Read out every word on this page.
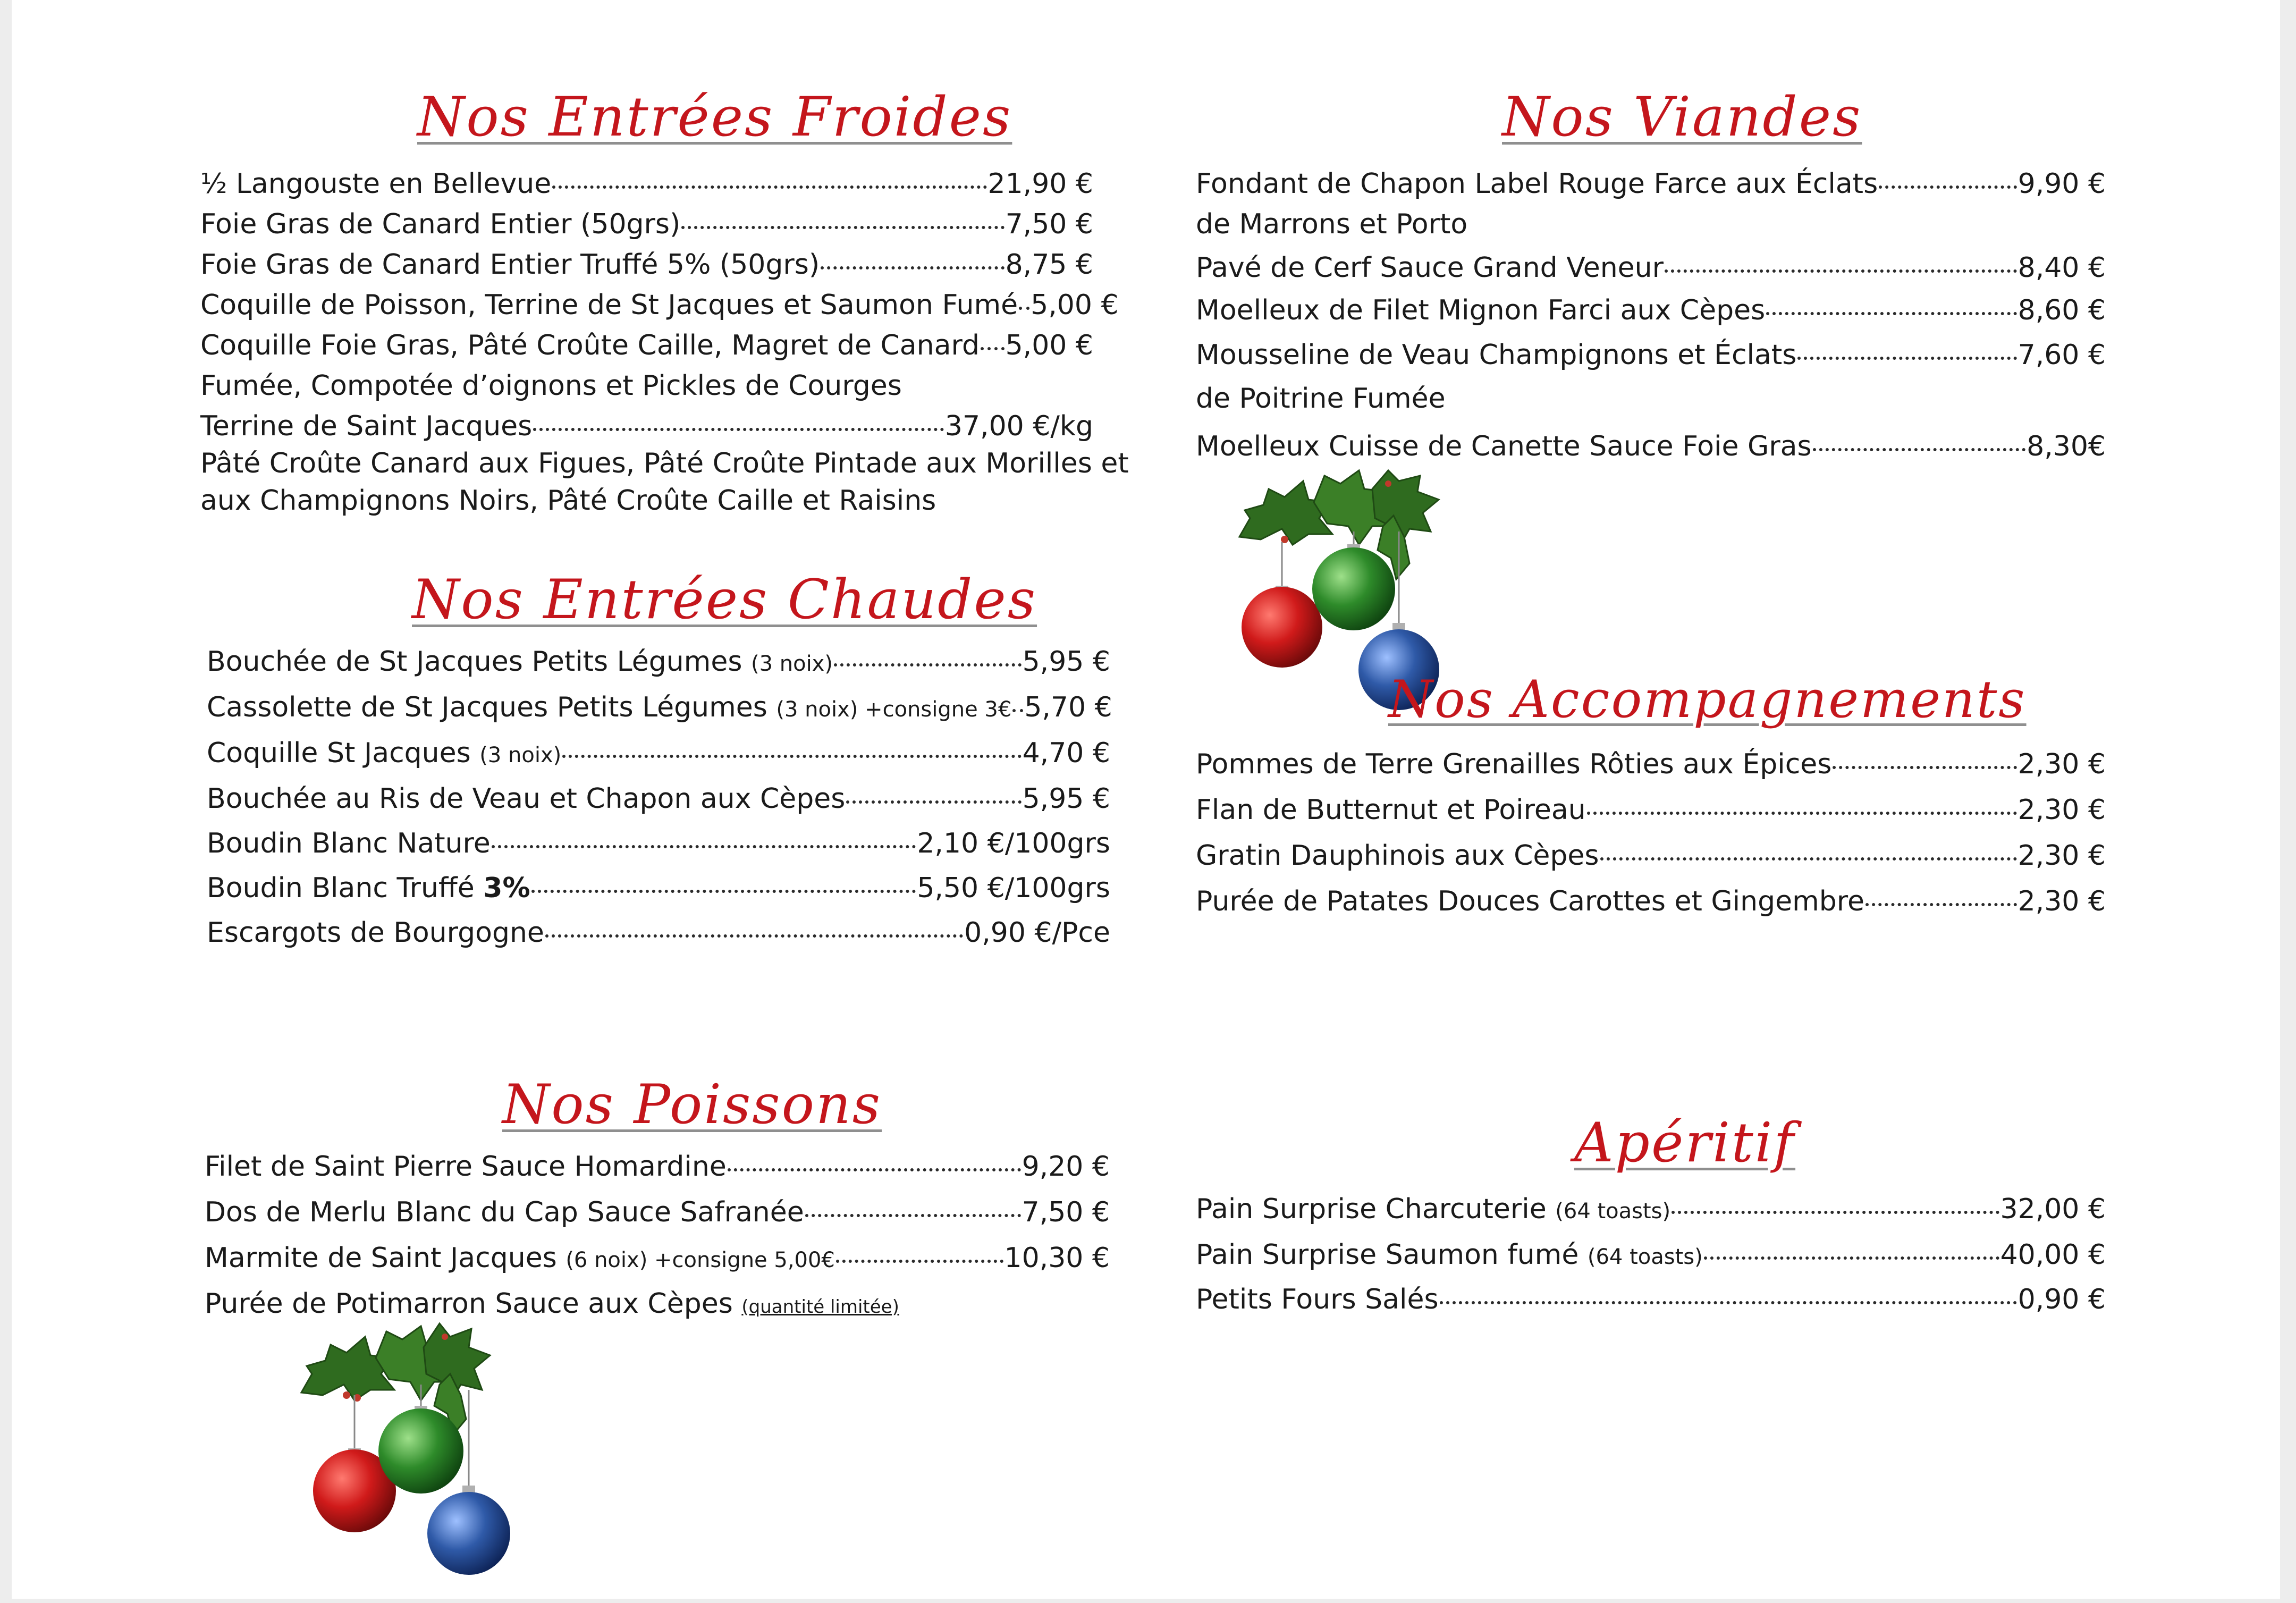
Nos Entrées Froides
½ Langouste en Bellevue	21,90 €
Foie Gras de Canard Entier (50grs)	7,50 €
Foie Gras de Canard Entier Truffé 5% (50grs)	8,75 €
Coquille de Poisson, Terrine de St Jacques et Saumon Fumé 5,00 €
Coquille Foie Gras, Pâté Croûte Caille, Magret de Canard 5,00 €
Fumée, Compotée d’oignons et Pickles de Courges
Terrine de Saint Jacques	37,00 €/kg
Pâté Croûte Canard aux Figues, Pâté Croûte Pintade aux Morilles et
aux Champignons Noirs, Pâté Croûte Caille et Raisins
Nos Entrées Chaudes
Bouchée de St Jacques Petits Légumes (3 noix)	5,95 €
Cassolette de St Jacques Petits Légumes (3 noix) +consigne 3€ 5,70 €
Coquille St Jacques (3 noix)	4,70 €
Bouchée au Ris de Veau et Chapon aux Cèpes	5,95 €
Boudin Blanc Nature	2,10 €/100grs
Boudin Blanc Truffé 3%	5,50 €/100grs
Escargots de Bourgogne	0,90 €/Pce
Nos Poissons
Filet de Saint Pierre Sauce Homardine	9,20 €
Dos de Merlu Blanc du Cap Sauce Safranée	7,50 €
Marmite de Saint Jacques (6 noix) +consigne 5,00€	10,30 €
Purée de Potimarron Sauce aux Cèpes (quantité limitée)
Nos Viandes
Fondant de Chapon Label Rouge Farce aux Éclats	9,90 €
de Marrons et Porto
Pavé de Cerf Sauce Grand Veneur	8,40 €
Moelleux de Filet Mignon Farci aux Cèpes	8,60 €
Mousseline de Veau Champignons et Éclats	7,60 €
de Poitrine Fumée
Moelleux Cuisse de Canette Sauce Foie Gras	8,30€
Nos Accompagnements
Pommes de Terre Grenailles Rôties aux Épices	2,30 €
Flan de Butternut et Poireau	2,30 €
Gratin Dauphinois aux Cèpes	2,30 €
Purée de Patates Douces Carottes et Gingembre	2,30 €
Apéritif
Pain Surprise Charcuterie (64 toasts)	32,00 €
Pain Surprise Saumon fumé (64 toasts)	40,00 €
Petits Fours Salés	0,90 €
